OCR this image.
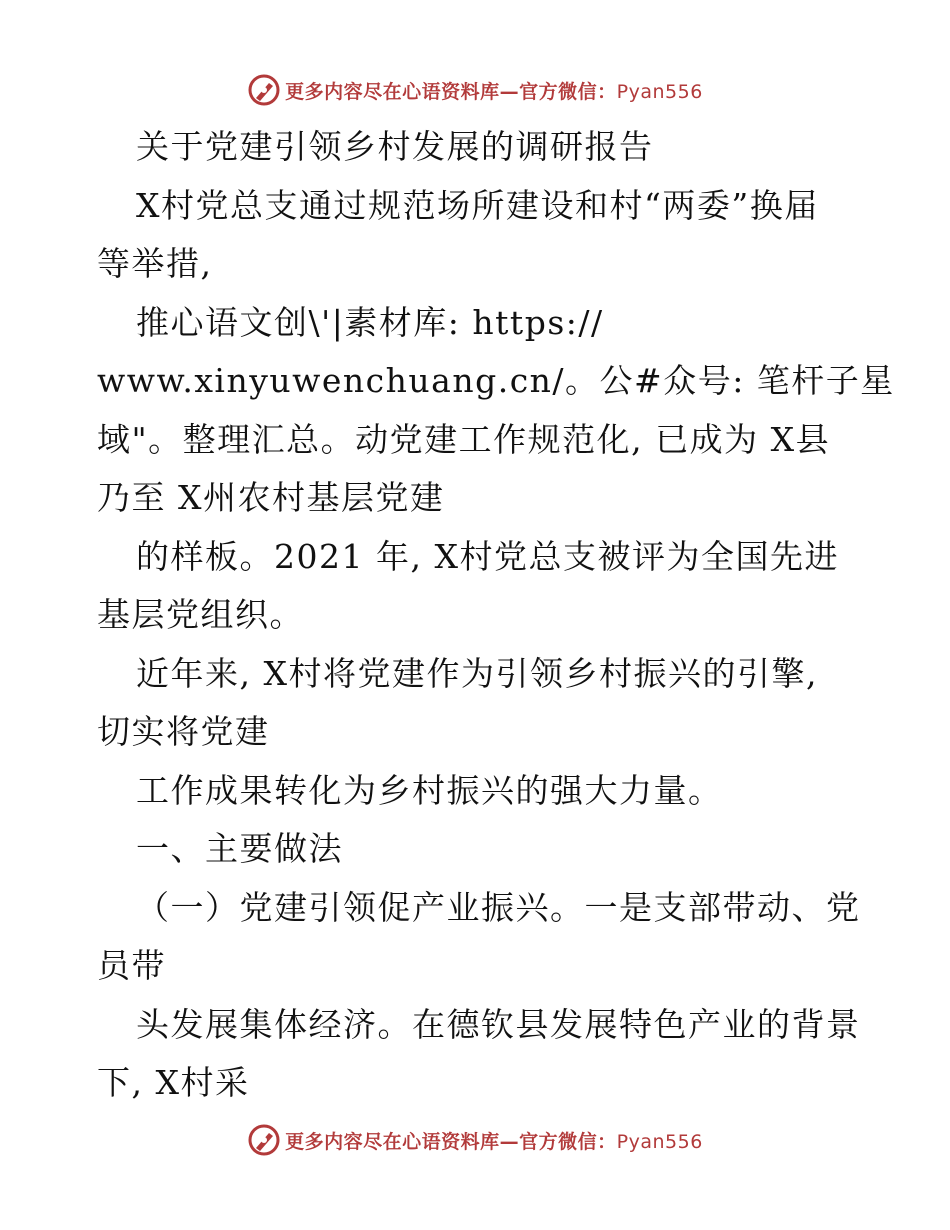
更多内容尽在心语资料库—官方微信：Pyan556
关于党建引领乡村发展的调研报告
X村党总支通过规范场所建设和村“两委”换届
等举措,
推心语文创\'|素材库: https://
www.xinyuwenchuang.cn/。公#众号: 笔杆子星
域"。整理汇总。动党建工作规范化, 已成为 X县
乃至 X州农村基层党建
的样板。2021 年, X村党总支被评为全国先进
基层党组织。
近年来, X村将党建作为引领乡村振兴的引擎,
切实将党建
工作成果转化为乡村振兴的强大力量。
一、主要做法
（一）党建引领促产业振兴。一是支部带动、党
员带
头发展集体经济。在德钦县发展特色产业的背景
下, X村采
更多内容尽在心语资料库—官方微信：Pyan556
